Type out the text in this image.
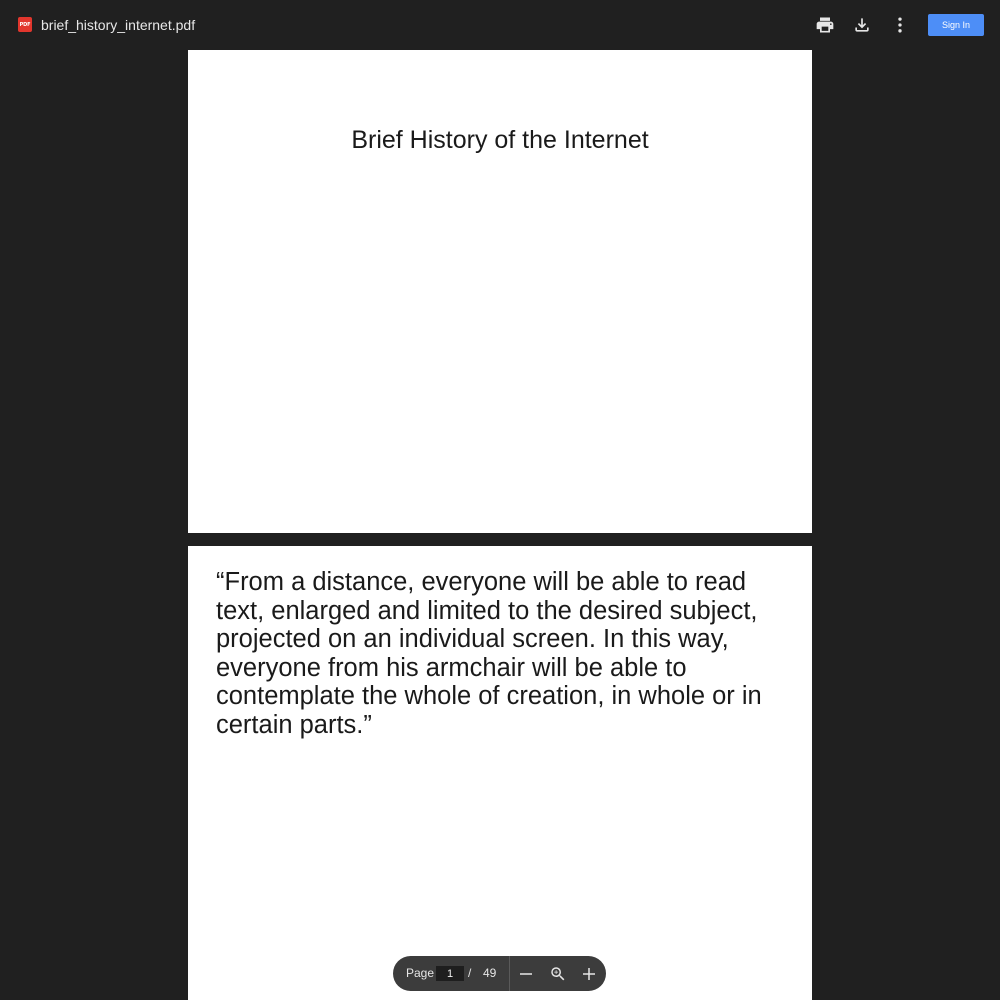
PDF brief_history_internet.pdf	Sign In
Brief History of the Internet
“From a distance, everyone will be able to read text, enlarged and limited to the desired subject, projected on an individual screen. In this way, everyone from his armchair will be able to contemplate the whole of creation, in whole or in certain parts.”
Page
1	/ 49
